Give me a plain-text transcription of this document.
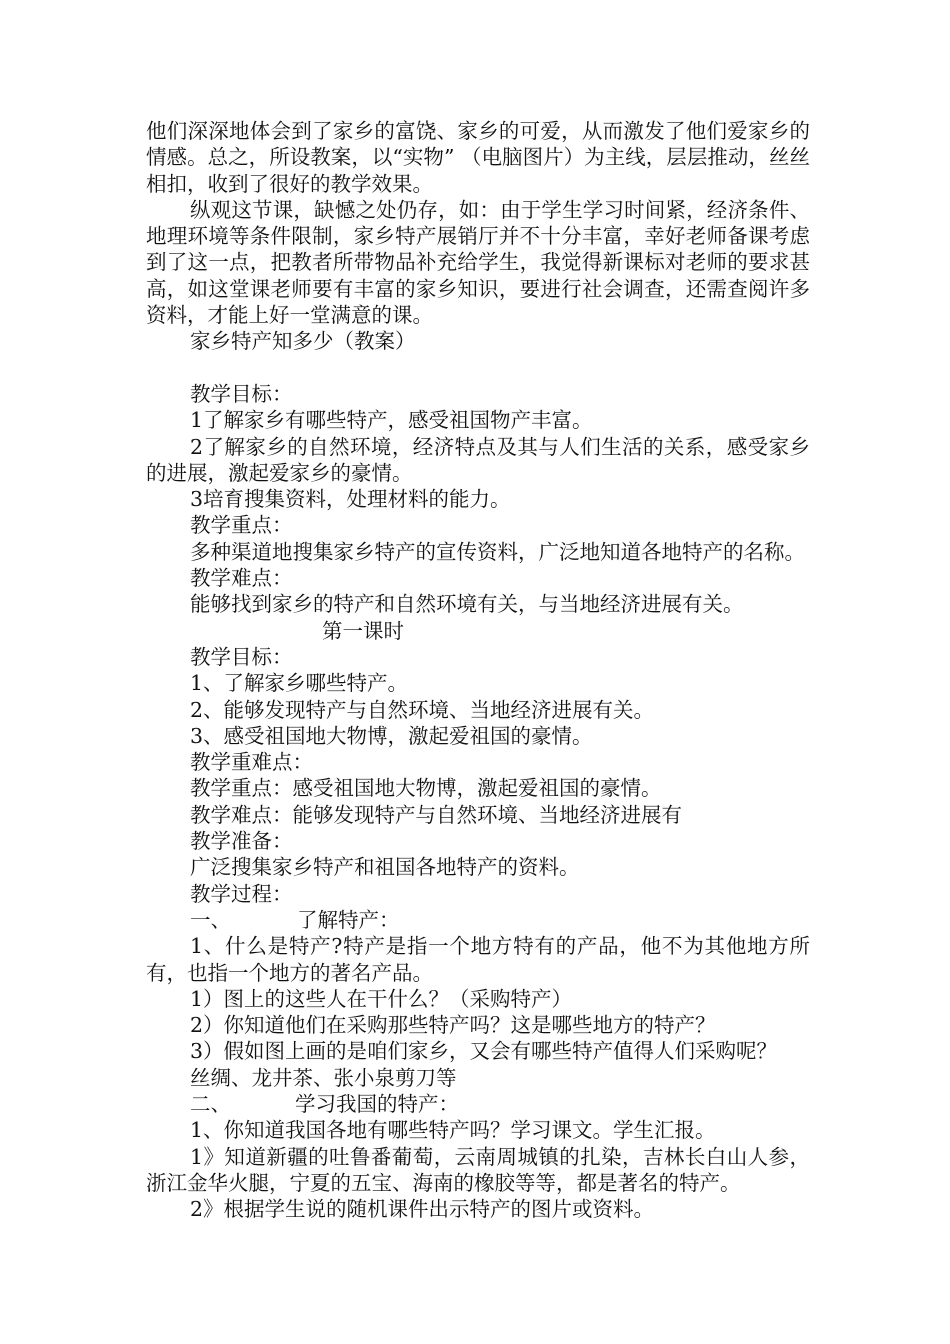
他们深深地体会到了家乡的富饶、家乡的可爱，从而激发了他们爱家乡的情感。总之，所设教案，以“实物” （电脑图片）为主线，层层推动，丝丝相扣，收到了很好的教学效果。

纵观这节课，缺憾之处仍存，如：由于学生学习时间紧，经济条件、地理环境等条件限制，家乡特产展销厅并不十分丰富，幸好老师备课考虑到了这一点，把教者所带物品补充给学生，我觉得新课标对老师的要求甚高，如这堂课老师要有丰富的家乡知识，要进行社会调查，还需查阅许多资料，才能上好一堂满意的课。

家乡特产知多少（教案）

教学目标：

1了解家乡有哪些特产，感受祖国物产丰富。

2了解家乡的自然环境，经济特点及其与人们生活的关系，感受家乡的进展，激起爱家乡的豪情。

3培育搜集资料，处理材料的能力。

教学重点：

多种渠道地搜集家乡特产的宣传资料，广泛地知道各地特产的名称。

教学难点：

能够找到家乡的特产和自然环境有关，与当地经济进展有关。

第一课时

教学目标：

1、了解家乡哪些特产。

2、能够发现特产与自然环境、当地经济进展有关。

3、感受祖国地大物博，激起爱祖国的豪情。

教学重难点：

教学重点：感受祖国地大物博，激起爱祖国的豪情。

教学难点：能够发现特产与自然环境、当地经济进展有

教学准备：

广泛搜集家乡特产和祖国各地特产的资料。

教学过程：

一、	了解特产：

1、什么是特产?特产是指一个地方特有的产品，他不为其他地方所有，也指一个地方的著名产品。

1）图上的这些人在干什么？（采购特产）

2）你知道他们在采购那些特产吗？这是哪些地方的特产？

3）假如图上画的是咱们家乡，又会有哪些特产值得人们采购呢？

丝绸、龙井茶、张小泉剪刀等

二、	学习我国的特产：

1、你知道我国各地有哪些特产吗？学习课文。学生汇报。

1》知道新疆的吐鲁番葡萄，云南周城镇的扎染，吉林长白山人参，浙江金华火腿，宁夏的五宝、海南的橡胶等等，都是著名的特产。

2》根据学生说的随机课件出示特产的图片或资料。
